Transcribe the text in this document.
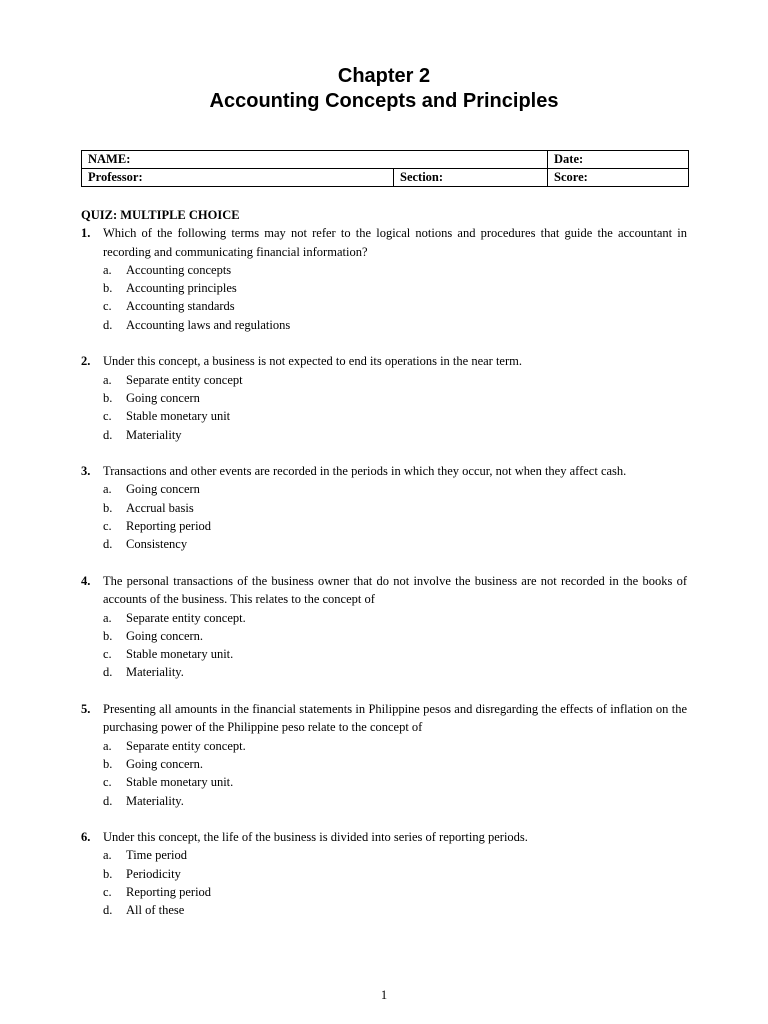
Chapter 2
Accounting Concepts and Principles
NAME:		Date:
Professor:	Section:	Score:

QUIZ: MULTIPLE CHOICE

1. Which of the following terms may not refer to the logical notions and procedures that guide the accountant in recording and communicating financial information?
a. Accounting concepts
b. Accounting principles
c. Accounting standards
d. Accounting laws and regulations
2. Under this concept, a business is not expected to end its operations in the near term.
a. Separate entity concept
b. Going concern
c. Stable monetary unit
d. Materiality
3. Transactions and other events are recorded in the periods in which they occur, not when they affect cash.
a. Going concern
b. Accrual basis
c. Reporting period
d. Consistency
4. The personal transactions of the business owner that do not involve the business are not recorded in the books of accounts of the business. This relates to the concept of
a. Separate entity concept.
b. Going concern.
c. Stable monetary unit.
d. Materiality.
5. Presenting all amounts in the financial statements in Philippine pesos and disregarding the effects of inflation on the purchasing power of the Philippine peso relate to the concept of
a. Separate entity concept.
b. Going concern.
c. Stable monetary unit.
d. Materiality.
6. Under this concept, the life of the business is divided into series of reporting periods.
a. Time period
b. Periodicity
c. Reporting period
d. All of these
1
